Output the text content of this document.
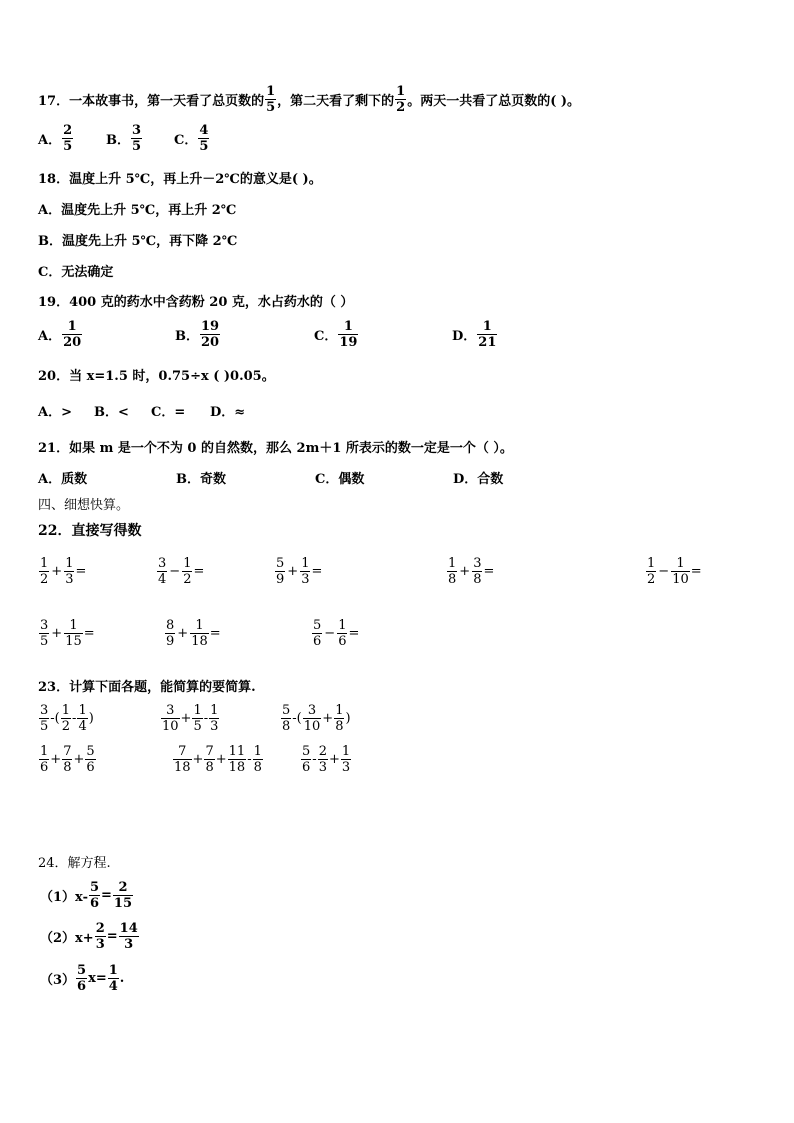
17． 一本故事书，第一天看了总页数的 $\frac{1}{5}$ ，第二天看了剩下的 $\frac{1}{2}$ 。两天一共看了总页数的( )。
A． $\frac{2}{5}$	B． $\frac{3}{5}$ C． $\frac{4}{5}$
18．温度上升 5℃，再上升－2℃的意义是( )。
A．温度先上升 5℃，再上升 2℃
B．温度先上升 5℃，再下降 2℃
C．无法确定
19．400 克的药水中含药粉 20 克，水占药水的（ ）
A． $\frac{1}{20}$	B． $\frac{19}{20}$	C． $\frac{1}{19}$	D． $\frac{1}{21}$
20．当 x=1.5 时，0.75÷x ( )0.05。
A．> B．< C．= D．≈
21．如果 m 是一个不为 0 的自然数，那么 2m＋1 所表示的数一定是一个（ ）。
A．质数	B．奇数	C．偶数	D．合数
四、细想快算。
22．直接写得数
$\frac{1}{2} + \frac{1}{3}$ =	$\frac{3}{4} - \frac{1}{2}$ =	$\frac{5}{9} + \frac{1}{3}$ =	$\frac{1}{8} + \frac{3}{8}$ =	$\frac{1}{2} - \frac{1}{10}$ =
$\frac{3}{5} + \frac{1}{15}$ =	$\frac{8}{9} + \frac{1}{18}$ =	$\frac{5}{6} - \frac{1}{6}$ =
23．计算下面各题，能简算的要简算.
$\frac{3}{5}$ -( $\frac{1}{2} - \frac{1}{4}$ )	$\frac{3}{10} + \frac{1}{5} - \frac{1}{3}$	$\frac{5}{8}$ -( $\frac{3}{10} + \frac{1}{8}$ )
$\frac{1}{6} + \frac{7}{8} + \frac{5}{6}$	$\frac{7}{18} + \frac{7}{8} + \frac{11}{18} - \frac{1}{8}$	$\frac{5}{6} - \frac{2}{3} + \frac{1}{3}$
24．解方程.
$(1)x- \frac{5}{6} = \frac{2}{15}$
$(2)x+ \frac{2}{3} = \frac{14}{3}$
$(3) \frac{5}{6} x= \frac{1}{4}$ .
